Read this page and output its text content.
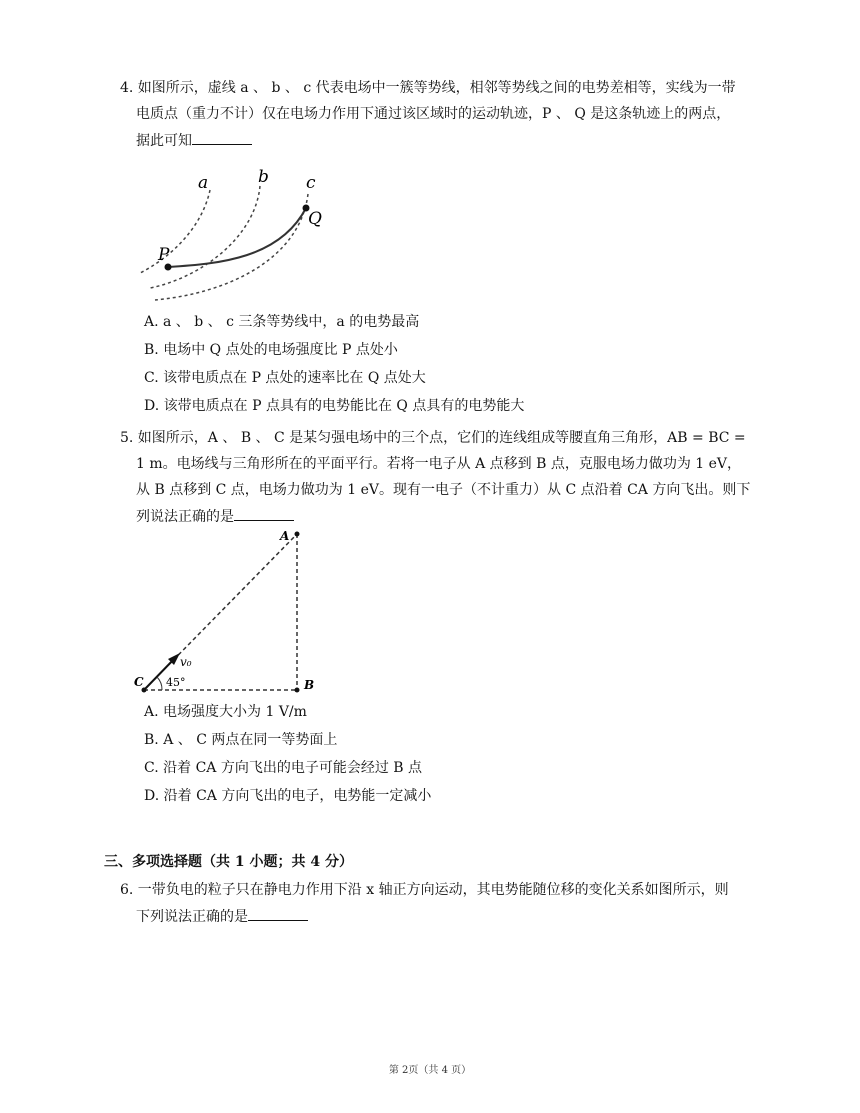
4. 如图所示，虚线 a 、 b 、 c 代表电场中一簇等势线，相邻等势线之间的电势差相等，实线为一带
电质点（重力不计）仅在电场力作用下通过该区域时的运动轨迹，P 、 Q 是这条轨迹上的两点，
据此可知
a	b c
P
Q
A. a 、 b 、 c 三条等势线中，a 的电势最高
B. 电场中 Q 点处的电场强度比 P 点处小
C. 该带电质点在 P 点处的速率比在 Q 点处大
D. 该带电质点在 P 点具有的电势能比在 Q 点具有的电势能大
5. 如图所示，A 、 B 、 C 是某匀强电场中的三个点，它们的连线组成等腰直角三角形，AB = BC =
1 m。电场线与三角形所在的平面平行。若将一电子从 A 点移到 B 点，克服电场力做功为 1 eV，
从 B 点移到 C 点，电场力做功为 1 eV。现有一电子（不计重力）从 C 点沿着 CA 方向飞出。则下
列说法正确的是
A
B
C
v₀
45°
A. 电场强度大小为 1 V/m
B. A 、 C 两点在同一等势面上
C. 沿着 CA 方向飞出的电子可能会经过 B 点
D. 沿着 CA 方向飞出的电子，电势能一定减小
三、多项选择题（共 1 小题；共 4 分）
6. 一带负电的粒子只在静电力作用下沿 x 轴正方向运动，其电势能随位移的变化关系如图所示，则
下列说法正确的是
第 2页（共 4 页）
